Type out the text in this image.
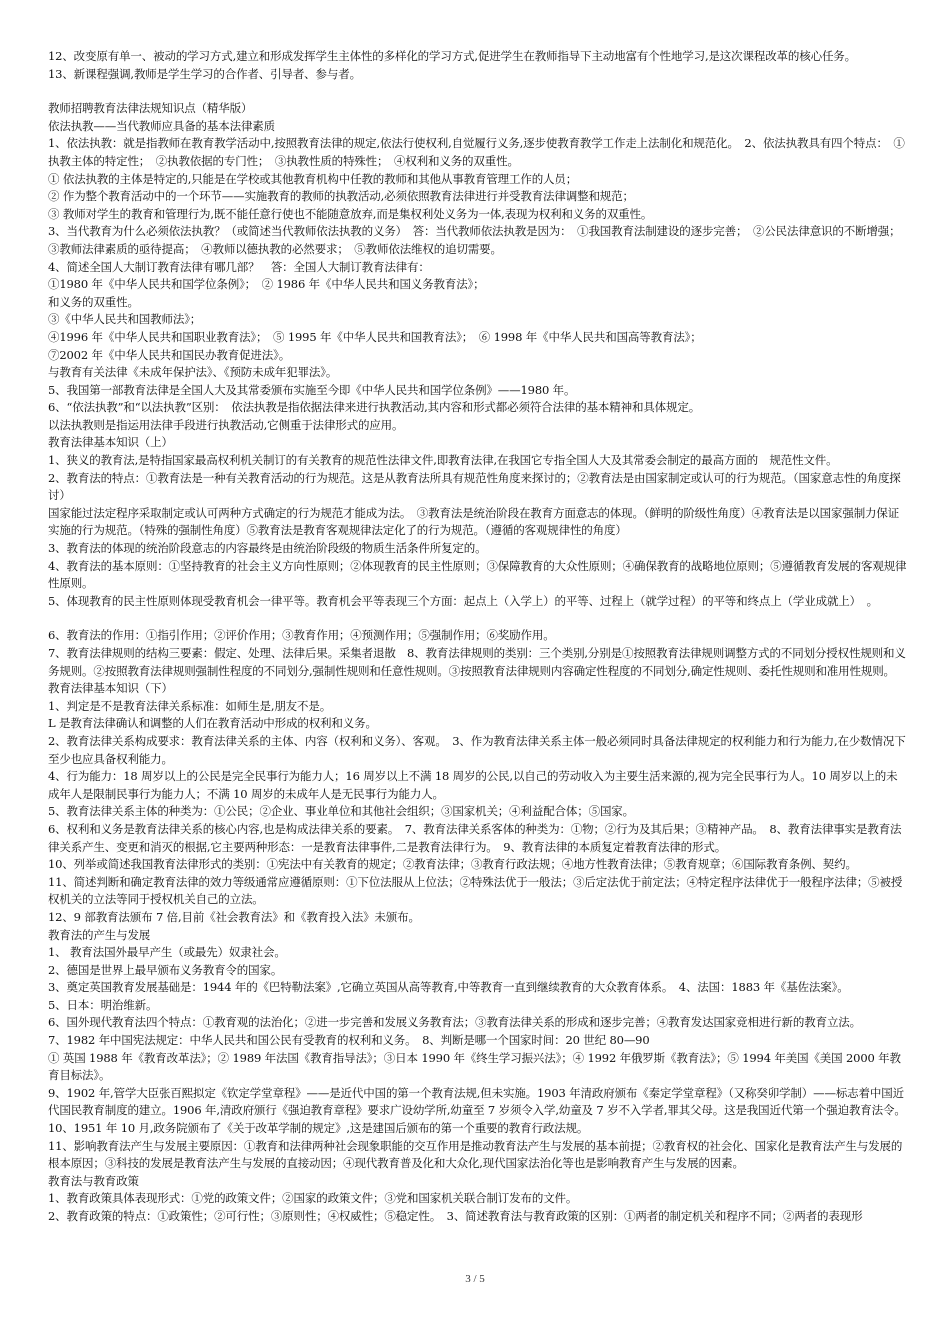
12、改变原有单一、被动的学习方式,建立和形成发挥学生主体性的多样化的学习方式,促进学生在教师指导下主动地富有个性地学习,是这次课程改革的核心任务。

13、新课程强调,教师是学生学习的合作者、引导者、参与者。

教师招聘教育法律法规知识点（精华版）

依法执教——当代教师应具备的基本法律素质

1、依法执教：就是指教师在教育教学活动中,按照教育法律的规定,依法行使权利,自觉履行义务,逐步使教育教学工作走上法制化和规范化。　2、依法执教具有四个特点：　①执教主体的特定性；　②执教依据的专门性；　③执教性质的特殊性；　④权利和义务的双重性。

① 依法执教的主体是特定的,只能是在学校或其他教育机构中任教的教师和其他从事教育管理工作的人员；

② 作为整个教育活动中的一个环节——实施教育的教师的执教活动,必须依照教育法律进行并受教育法律调整和规范；

③ 教师对学生的教育和管理行为,既不能任意行使也不能随意放弃,而是集权利处义务为一体,表现为权利和义务的双重性。

3、当代教育为什么必须依法执教？（或简述当代教师依法执教的义务）　答：当代教师依法执教是因为：　①我国教育法制建设的逐步完善；　②公民法律意识的不断增强；　③教师法律素质的亟待提高；　④教师以德执教的必然要求；　⑤教师依法维权的追切需要。

4、简述全国人大制订教育法律有哪几部？　答：全国人大制订教育法律有：

①1980 年《中华人民共和国学位条例》；　② 1986 年《中华人民共和国义务教育法》；

和义务的双重性。

③《中华人民共和国教师法》；

④1996 年《中华人民共和国职业教育法》；　⑤ 1995 年《中华人民共和国教育法》；　⑥ 1998 年《中华人民共和国高等教育法》；

⑦2002 年《中华人民共和国民办教育促进法》。

与教育有关法律《未成年保护法》、《预防未成年犯罪法》。

5、我国第一部教育法律是全国人大及其常委颁布实施至今即《中华人民共和国学位条例》——1980 年。

6、“依法执教”和“以法执教”区别：　依法执教是指依据法律来进行执教活动,其内容和形式都必须符合法律的基本精神和具体规定。

以法执教则是指运用法律手段进行执教活动,它侧重于法律形式的应用。

教育法律基本知识（上）

1、狭义的教育法,是特指国家最高权利机关制订的有关教育的规范性法律文件,即教育法律,在我国它专指全国人大及其常委会制定的最高方面的　规范性文件。

2、教育法的特点：①教育法是一种有关教育活动的行为规范。这是从教育法所具有规范性角度来探讨的；②教育法是由国家制定或认可的行为规范。（国家意志性的角度探讨）

国家能过法定程序采取制定或认可两种方式确定的行为规范才能成为法。　③教育法是统治阶段在教育方面意志的体现。（鲜明的阶级性角度）④教育法是以国家强制力保证实施的行为规范。（特殊的强制性角度）⑤教育法是教育客观规律法定化了的行为规范。（遵循的客观规律性的角度）

3、教育法的体现的统治阶段意志的内容最终是由统治阶段级的物质生活条件所复定的。

4、教育法的基本原则：①坚持教育的社会主义方向性原则；②体现教育的民主性原则；③保障教育的大众性原则；④确保教育的战略地位原则；⑤遵循教育发展的客观规律性原则。

5、体现教育的民主性原则体现受教育机会一律平等。教育机会平等表现三个方面：起点上（入学上）的平等、过程上（就学过程）的平等和终点上（学业成就上）　。

6、教育法的作用：①指引作用；②评价作用；③教育作用；④预测作用；⑤强制作用；⑥奖励作用。

7、教育法律规则的结构三要素：假定、处理、法律后果。采集者退散　8、教育法律规则的类别：三个类别,分别是①按照教育法律规则调整方式的不同划分授权性规则和义务规则。②按照教育法律规则强制性程度的不同划分,强制性规则和任意性规则。③按照教育法律规则内容确定性程度的不同划分,确定性规则、委托性规则和准用性规则。

教育法律基本知识（下）

1、判定是不是教育法律关系标准：如师生是,朋友不是。

L 是教育法律确认和调整的人们在教育活动中形成的权利和义务。

2、教育法律关系构成要求：教育法律关系的主体、内容（权利和义务）、客观。　3、作为教育法律关系主体一般必须同时具备法律规定的权利能力和行为能力,在少数情况下至少也应具备权利能力。

4、行为能力：18 周岁以上的公民是完全民事行为能力人；16 周岁以上不满 18 周岁的公民,以自己的劳动收入为主要生活来源的,视为完全民事行为人。10 周岁以上的未成年人是限制民事行为能力人；不满 10 周岁的未成年人是无民事行为能力人。

5、教育法律关系主体的种类为：①公民；②企业、事业单位和其他社会组织；③国家机关；④利益配合体；⑤国家。

6、权利和义务是教育法律关系的核心内容,也是构成法律关系的要素。　7、教育法律关系客体的种类为：①物；②行为及其后果；③精神产品。　8、教育法律事实是教育法律关系产生、变更和消灭的根据,它主要两种形态：一是教育法律事件,二是教育法律行为。　9、教育法律的本质复定着教育法律的形式。

10、列举或简述我国教育法律形式的类别：①宪法中有关教育的规定；②教育法律；③教育行政法规；④地方性教育法律；⑤教育规章；⑥国际教育条例、契约。

11、简述判断和确定教育法律的效力等级通常应遵循原则：①下位法服从上位法；②特殊法优于一般法；③后定法优于前定法；④特定程序法律优于一般程序法律；⑤被授权机关的立法等同于授权机关自己的立法。

12、9 部教育法颁布 7 倍,目前《社会教育法》和《教育投入法》未颁布。

教育法的产生与发展

1、 教育法国外最早产生（或最先）奴隶社会。

2、德国是世界上最早颁布义务教育令的国家。

3、奠定英国教育发展基础是：1944 年的《巴特勒法案》,它确立英国从高等教育,中等教育一直到继续教育的大众教育体系。　4、法国：1883 年《基佐法案》。

5、日本：明治维新。

6、国外现代教育法四个特点：①教育观的法治化；②进一步完善和发展义务教育法；③教育法律关系的形成和逐步完善；④教育发达国家竞相进行新的教育立法。

7、1982 年中国宪法规定：中华人民共和国公民有受教育的权利和义务。　8、判断是哪一个国家时间：20 世纪 80—90

① 英国 1988 年《教育改革法》；② 1989 年法国《教育指导法》；③日本 1990 年《终生学习振兴法》；④ 1992 年俄罗斯《教育法》；⑤ 1994 年美国《美国 2000 年教育目标法》。

9、1902 年,管学大臣张百熙拟定《钦定学堂章程》——是近代中国的第一个教育法规,但未实施。1903 年清政府颁布《秦定学堂章程》（又称癸卯学制）——标志着中国近代国民教育制度的建立。1906 年,清政府颁行《强迫教育章程》要求广设幼学所,幼童至 7 岁须令入学,幼童及 7 岁不入学者,罪其父母。这是我国近代第一个强迫教育法令。

10、1951 年 10 月,政务院颁布了《关于改革学制的规定》,这是建国后颁布的第一个重要的教育行政法规。

11、影响教育法产生与发展主要原因：①教育和法律两种社会现象职能的交互作用是推动教育法产生与发展的基本前提；②教育权的社会化、国家化是教育法产生与发展的根本原因；③科技的发展是教育法产生与发展的直接动因；④现代教育普及化和大众化,现代国家法治化等也是影响教育产生与发展的因素。

教育法与教育政策

1、教育政策具体表现形式：①党的政策文件；②国家的政策文件；③党和国家机关联合制订发布的文件。

2、教育政策的特点：①政策性；②可行性；③原则性；④权威性；⑤稳定性。　3、简述教育法与教育政策的区别：①两者的制定机关和程序不同；②两者的表现形

3 / 5
